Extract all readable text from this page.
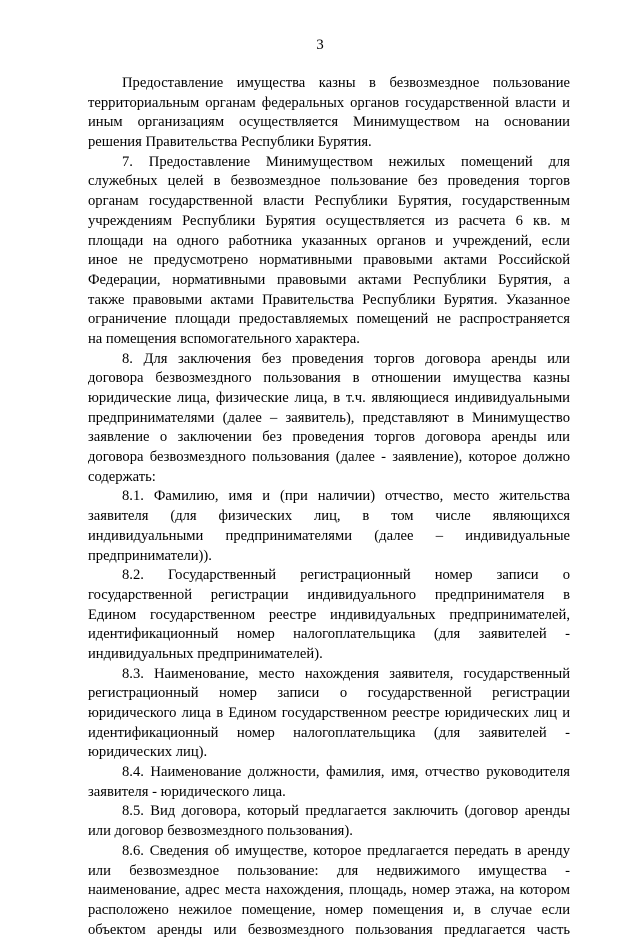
3
Предоставление имущества казны в безвозмездное пользование
территориальным органам федеральных органов государственной власти и
иным организациям осуществляется Минимуществом на основании
решения Правительства Республики Бурятия.
7. Предоставление Минимуществом нежилых помещений для
служебных целей в безвозмездное пользование без проведения торгов
органам государственной власти Республики Бурятия, государственным
учреждениям Республики Бурятия осуществляется из расчета 6 кв. м
площади на одного работника указанных органов и учреждений, если
иное не предусмотрено нормативными правовыми актами Российской
Федерации, нормативными правовыми актами Республики Бурятия, а
также правовыми актами Правительства Республики Бурятия. Указанное
ограничение площади предоставляемых помещений не распространяется
на помещения вспомогательного характера.
8. Для заключения без проведения торгов договора аренды или
договора безвозмездного пользования в отношении имущества казны
юридические лица, физические лица, в т.ч. являющиеся индивидуальными
предпринимателями (далее – заявитель), представляют в Минимущество
заявление о заключении без проведения торгов договора аренды или
договора безвозмездного пользования (далее - заявление), которое должно
содержать:
8.1. Фамилию, имя и (при наличии) отчество, место жительства
заявителя (для физических лиц, в том числе являющихся
индивидуальными предпринимателями (далее – индивидуальные
предприниматели)).
8.2. Государственный регистрационный номер записи о
государственной регистрации индивидуального предпринимателя в
Едином государственном реестре индивидуальных предпринимателей,
идентификационный номер налогоплательщика (для заявителей -
индивидуальных предпринимателей).
8.3. Наименование, место нахождения заявителя, государственный
регистрационный номер записи о государственной регистрации
юридического лица в Едином государственном реестре юридических лиц и
идентификационный номер налогоплательщика (для заявителей -
юридических лиц).
8.4. Наименование должности, фамилия, имя, отчество руководителя
заявителя - юридического лица.
8.5. Вид договора, который предлагается заключить (договор аренды
или договор безвозмездного пользования).
8.6. Сведения об имуществе, которое предлагается передать в аренду
или безвозмездное пользование: для недвижимого имущества -
наименование, адрес места нахождения, площадь, номер этажа, на котором
расположено нежилое помещение, номер помещения и, в случае если
объектом аренды или безвозмездного пользования предлагается часть
